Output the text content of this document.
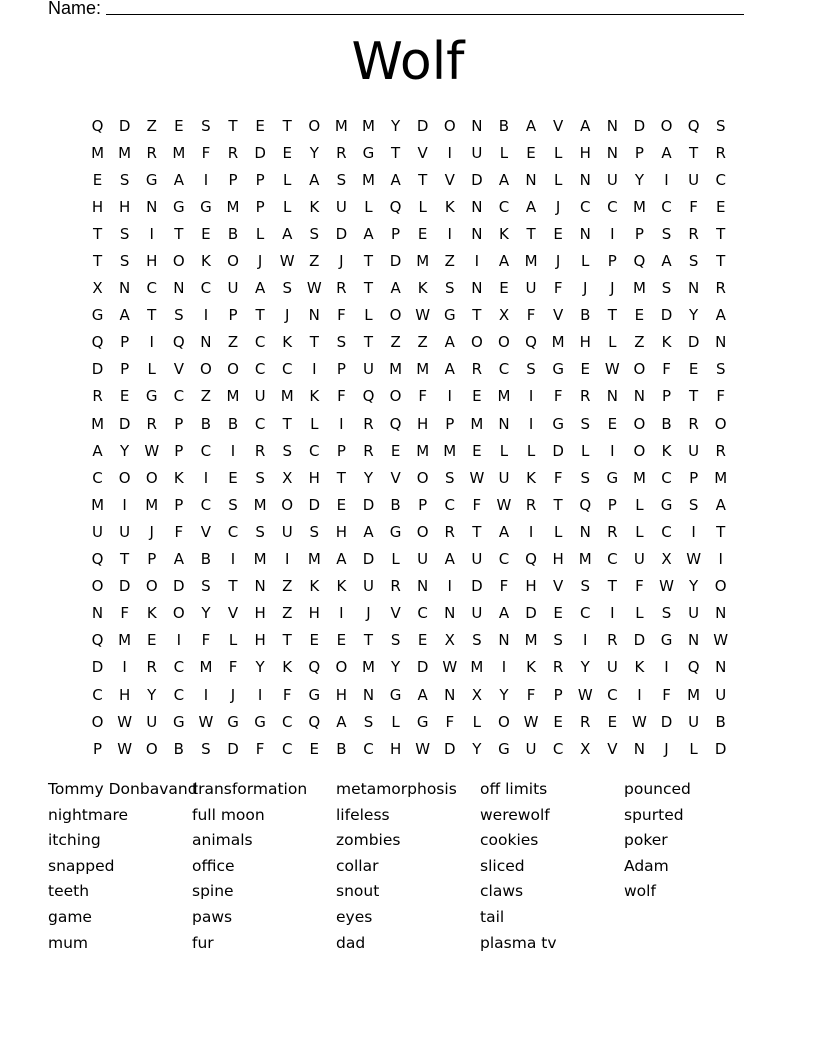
Name:
Wolf
Q	D	Z	E	S	T	E	T	O M M	Y	D	O	N	B	A	V	A	N	D	O	Q	S
M M	R	M	F	R	D	E	Y	R	G	T	V	I	U	L	E	L	H	N	P	A	T	R
E	S	G	A	I	P	P	L	A	S	M	A	T	V	D	A	N	L	N	U	Y	I	U	C
H	H	N	G	G M	P	L	K	U	L	Q	L	K	N	C	A	J	C	C	M	C	F	E
T	S	I	T	E	B	L	A	S	D	A	P	E	I	N	K	T	E	N	I	P	S	R	T
T	S	H	O	K	O	J	W Z	J	T	D M	Z	I	A	M	J	L	P	Q	A	S	T
X	N	C	N	C	U	A	S W R	T	A	K	S	N	E	U	F	J	J	M	S	N	R
G	A	T	S	I	P	T	J	N	F	L	O W G	T	X	F	V	B	T	E	D	Y	A
Q	P	I	Q	N	Z	C	K	T	S	T	Z	Z	A	O	O	Q M H	L	Z	K	D	N
D	P	L	V	O	O	C	C	I	P	U	M M	A	R	C	S	G	E W O	F	E	S
R	E	G	C	Z	M	U	M	K	F	Q	O	F	I	E	M	I	F	R	N	N	P	T	F
M D	R	P	B	B	C	T	L	I	R	Q	H	P	M	N	I	G	S	E	O	B	R	O
A	Y	W	P	C	I	R	S	C	P	R	E	M M	E	L	L	D	L	I	O	K	U	R
C	O	O	K	I	E	S	X	H	T	Y	V	O	S W U	K	F	S	G M	C	P	M
M	I	M	P	C	S	M O	D	E	D	B	P	C	F	W R	T	Q	P	L	G	S	A
U	U	J	F	V	C	S	U	S	H	A	G	O	R	T	A	I	L	N	R	L	C	I	T
Q	T	P	A	B	I	M	I	M	A	D	L	U	A	U	C	Q	H M	C	U	X W	I
O	D	O	D	S	T	N	Z	K	K	U	R	N	I	D	F	H	V	S	T	F	W	Y	O
N	F	K	O	Y	V	H	Z	H	I	J	V	C	N	U	A	D	E	C	I	L	S	U	N
Q M	E	I	F	L	H	T	E	E	T	S	E	X	S	N	M	S	I	R	D	G	N W
D	I	R	C	M	F	Y	K	Q	O M	Y	D W M	I	K	R	Y	U	K	I	Q	N
C	H	Y	C	I	J	I	F	G	H	N	G	A	N	X	Y	F	P	W C	I	F	M	U
O W U	G W G	G	C	Q	A	S	L	G	F	L	O W E	R	E W D	U	B
P	W O	B	S	D	F	C	E	B	C	H W D	Y	G	U	C	X	V	N	J	L	D
Tommy Donbavand
nightmare
itching
snapped
teeth
game
mum
transformation
full moon
animals
office
spine
paws
fur
metamorphosis
lifeless
zombies
collar
snout
eyes
dad
off limits
werewolf
cookies
sliced
claws
tail
plasma tv
pounced
spurted
poker
Adam
wolf
